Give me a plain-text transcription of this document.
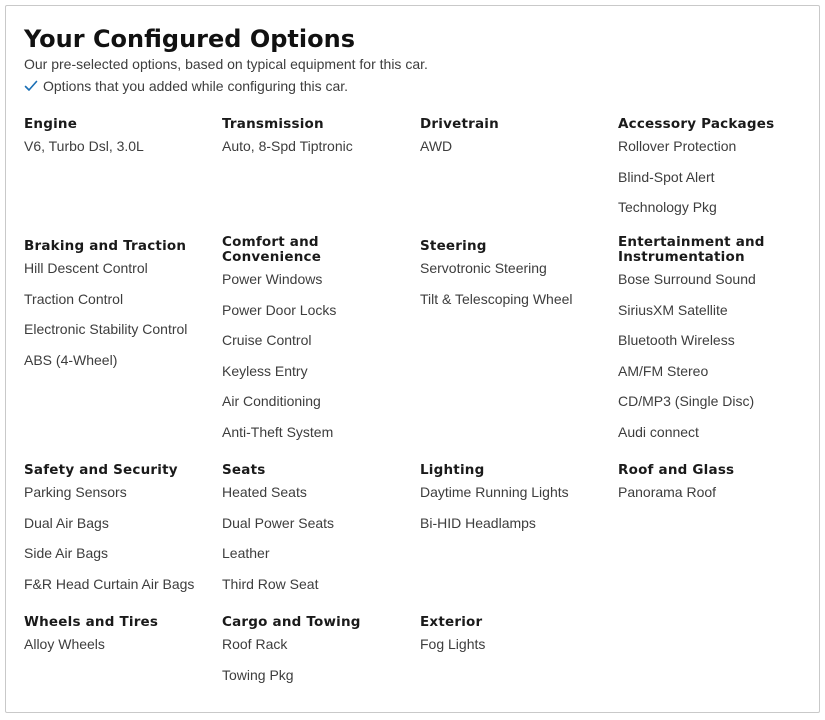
Your Configured Options
Our pre-selected options, based on typical equipment for this car.
Options that you added while configuring this car.
Engine
V6, Turbo Dsl, 3.0L
Transmission
Auto, 8-Spd Tiptronic
Drivetrain
AWD
Accessory Packages
Rollover Protection
Blind-Spot Alert
Technology Pkg
Braking and Traction
Hill Descent Control
Traction Control
Electronic Stability Control
ABS (4-Wheel)
Comfort and Convenience
Power Windows
Power Door Locks
Cruise Control
Keyless Entry
Air Conditioning
Anti-Theft System
Steering
Servotronic Steering
Tilt & Telescoping Wheel
Entertainment and Instrumentation
Bose Surround Sound
SiriusXM Satellite
Bluetooth Wireless
AM/FM Stereo
CD/MP3 (Single Disc)
Audi connect
Safety and Security
Parking Sensors
Dual Air Bags
Side Air Bags
F&R Head Curtain Air Bags
Seats
Heated Seats
Dual Power Seats
Leather
Third Row Seat
Lighting
Daytime Running Lights
Bi-HID Headlamps
Roof and Glass
Panorama Roof
Wheels and Tires
Alloy Wheels
Cargo and Towing
Roof Rack
Towing Pkg
Exterior
Fog Lights
